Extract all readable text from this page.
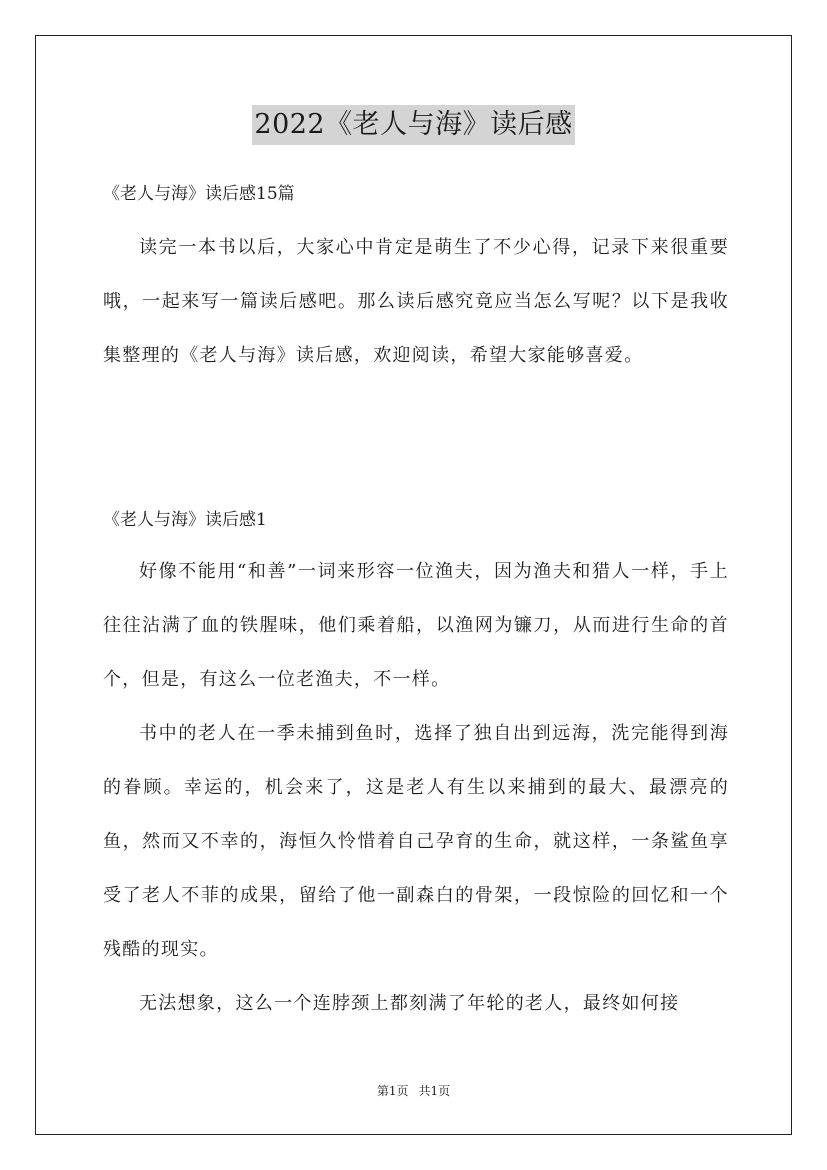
2022《老人与海》读后感

《老人与海》读后感15篇

读完一本书以后，大家心中肯定是萌生了不少心得，记录下来很重要哦，一起来写一篇读后感吧。那么读后感究竟应当怎么写呢？以下是我收集整理的《老人与海》读后感，欢迎阅读，希望大家能够喜爱。

《老人与海》读后感1

好像不能用“和善”一词来形容一位渔夫，因为渔夫和猎人一样，手上往往沾满了血的铁腥味，他们乘着船，以渔网为镰刀，从而进行生命的首个，但是，有这么一位老渔夫，不一样。

书中的老人在一季未捕到鱼时，选择了独自出到远海，洗完能得到海的眷顾。幸运的，机会来了，这是老人有生以来捕到的最大、最漂亮的鱼，然而又不幸的，海恒久怜惜着自己孕育的生命，就这样，一条鲨鱼享受了老人不菲的成果，留给了他一副森白的骨架，一段惊险的回忆和一个残酷的现实。

无法想象，这么一个连脖颈上都刻满了年轮的老人，最终如何接

第1页 共1页
